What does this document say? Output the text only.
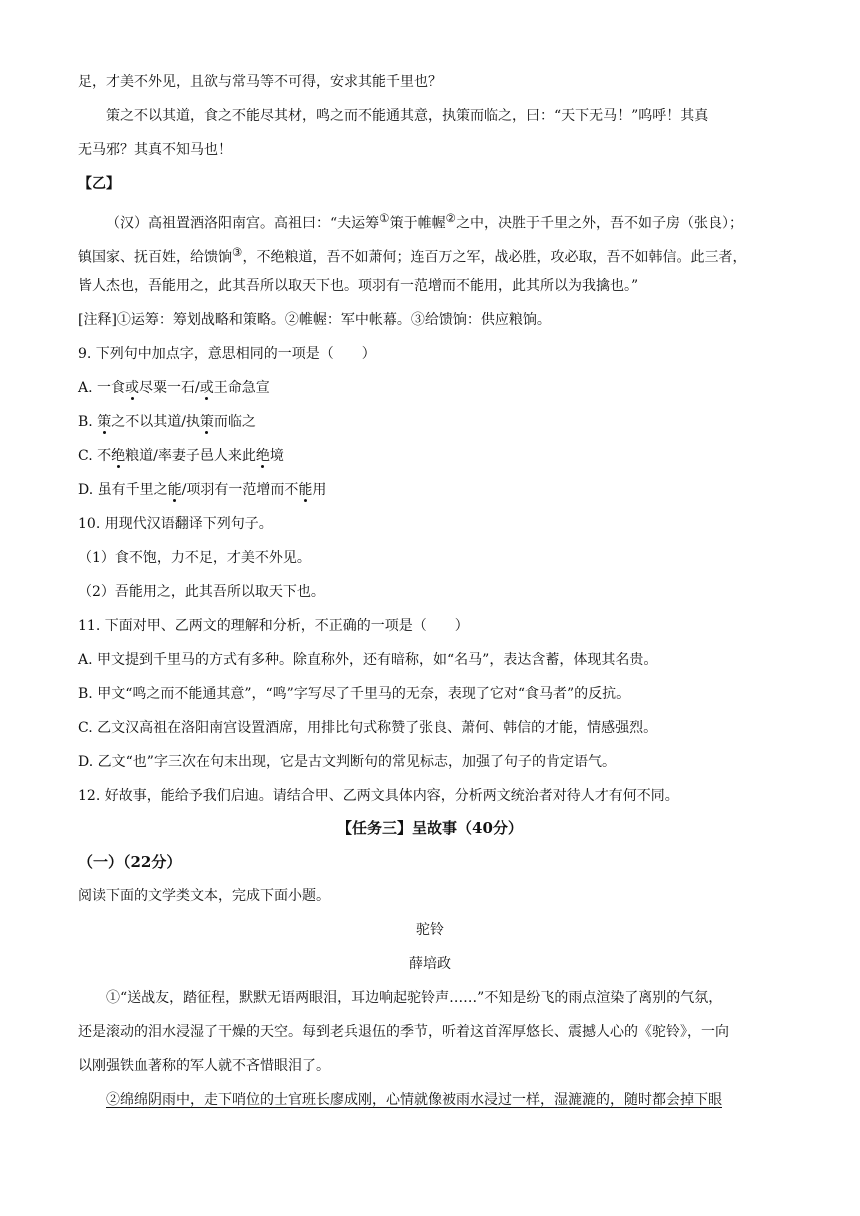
足，才美不外见，且欲与常马等不可得，安求其能千里也？
策之不以其道，食之不能尽其材，鸣之而不能通其意，执策而临之，曰：“天下无马！”呜呼！其真
无马邪？其真不知马也！
【乙】
（汉）高祖置酒洛阳南宫。高祖曰：“夫运筹①策于帷幄②之中，决胜于千里之外，吾不如子房（张良）；
镇国家、抚百姓，给馈饷③，不绝粮道，吾不如萧何；连百万之军，战必胜，攻必取，吾不如韩信。此三者，
皆人杰也，吾能用之，此其吾所以取天下也。项羽有一范增而不能用，此其所以为我擒也。”
[注释]①运筹：筹划战略和策略。②帷幄：军中帐幕。③给馈饷：供应粮饷。
9. 下列句中加点字，意思相同的一项是（　　）
A. 一食或尽粟一石/或王命急宣
B. 策之不以其道/执策而临之
C. 不绝粮道/率妻子邑人来此绝境
D. 虽有千里之能/项羽有一范增而不能用
10. 用现代汉语翻译下列句子。
（1）食不饱，力不足，才美不外见。
（2）吾能用之，此其吾所以取天下也。
11. 下面对甲、乙两文的理解和分析，不正确的一项是（　　）
A. 甲文提到千里马的方式有多种。除直称外，还有暗称，如“名马”，表达含蓄，体现其名贵。
B. 甲文“鸣之而不能通其意”，“鸣”字写尽了千里马的无奈，表现了它对“食马者”的反抗。
C. 乙文汉高祖在洛阳南宫设置酒席，用排比句式称赞了张良、萧何、韩信的才能，情感强烈。
D. 乙文“也”字三次在句末出现，它是古文判断句的常见标志，加强了句子的肯定语气。
12. 好故事，能给予我们启迪。请结合甲、乙两文具体内容，分析两文统治者对待人才有何不同。
【任务三】呈故事（40分）
（一）（22分）
阅读下面的文学类文本，完成下面小题。
驼铃
薛培政
①“送战友，踏征程，默默无语两眼泪，耳边响起驼铃声……”不知是纷飞的雨点渲染了离别的气氛，
还是滚动的泪水浸湿了干燥的天空。每到老兵退伍的季节，听着这首浑厚悠长、震撼人心的《驼铃》，一向
以刚强铁血著称的军人就不吝惜眼泪了。
②绵绵阴雨中，走下哨位的士官班长廖成刚，心情就像被雨水浸过一样，湿漉漉的，随时都会掉下眼
